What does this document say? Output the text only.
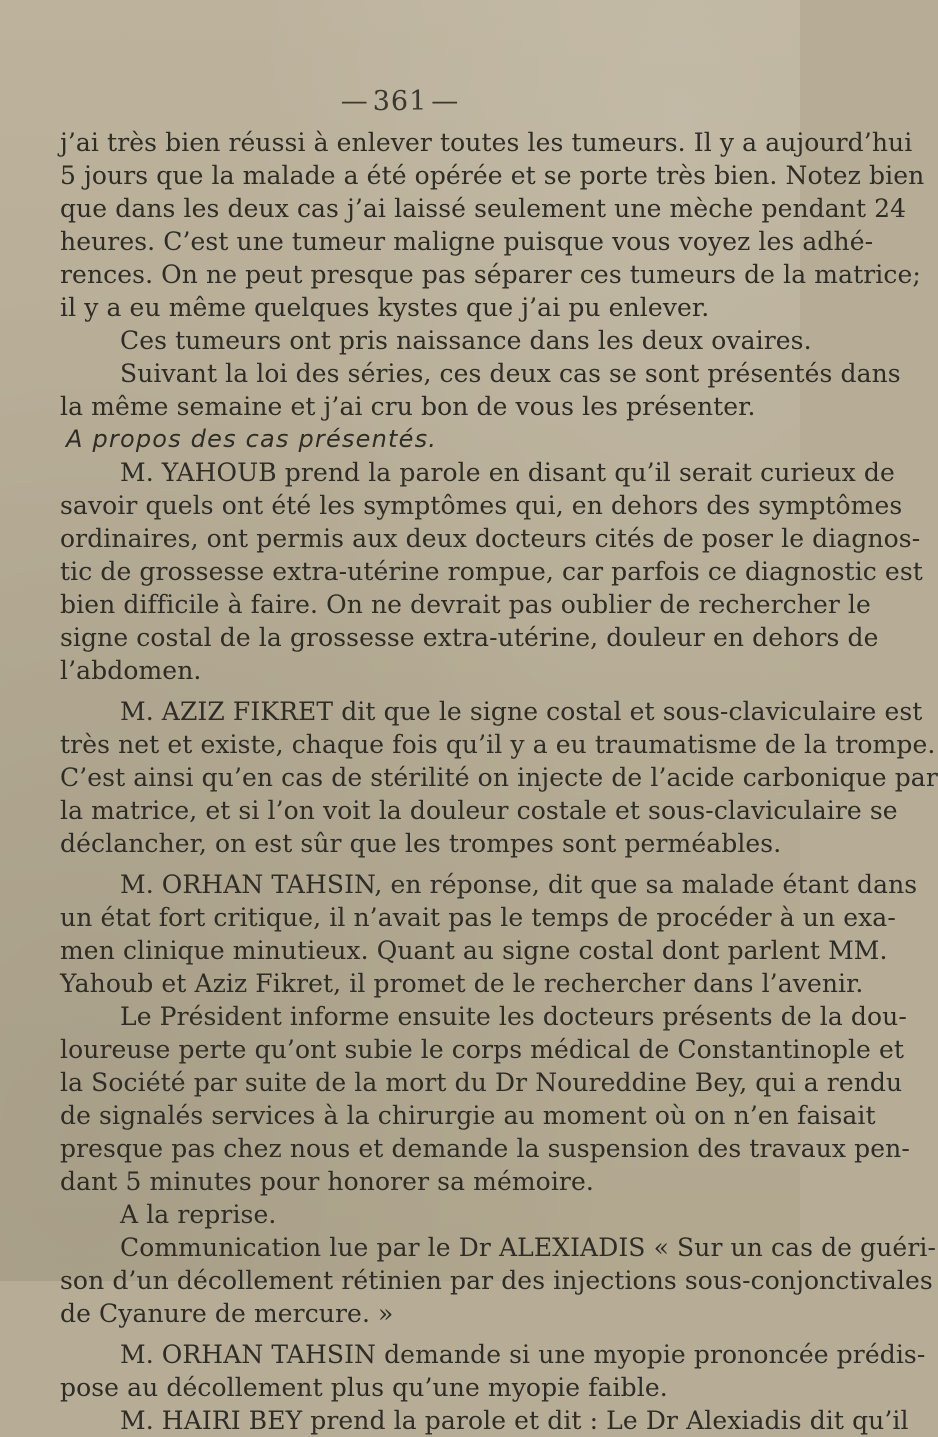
— 361 —
j’ai très bien réussi à enlever toutes les tumeurs. Il y a aujourd’hui
5 jours que la malade a été opérée et se porte très bien. Notez bien
que dans les deux cas j’ai laissé seulement une mèche pendant 24
heures. C’est une tumeur maligne puisque vous voyez les adhé-
rences. On ne peut presque pas séparer ces tumeurs de la matrice;
il y a eu même quelques kystes que j’ai pu enlever.
Ces tumeurs ont pris naissance dans les deux ovaires.
Suivant la loi des séries, ces deux cas se sont présentés dans
la même semaine et j’ai cru bon de vous les présenter.
A propos des cas présentés.
M. YAHOUB prend la parole en disant qu’il serait curieux de
savoir quels ont été les symptômes qui, en dehors des symptômes
ordinaires, ont permis aux deux docteurs cités de poser le diagnos-
tic de grossesse extra-utérine rompue, car parfois ce diagnostic est
bien difficile à faire. On ne devrait pas oublier de rechercher le
signe costal de la grossesse extra-utérine, douleur en dehors de
l’abdomen.
M. AZIZ FIKRET dit que le signe costal et sous-claviculaire est
très net et existe, chaque fois qu’il y a eu traumatisme de la trompe.
C’est ainsi qu’en cas de stérilité on injecte de l’acide carbonique par
la matrice, et si l’on voit la douleur costale et sous-claviculaire se
déclancher, on est sûr que les trompes sont perméables.
M. ORHAN TAHSIN, en réponse, dit que sa malade étant dans
un état fort critique, il n’avait pas le temps de procéder à un exa-
men clinique minutieux. Quant au signe costal dont parlent MM.
Yahoub et Aziz Fikret, il promet de le rechercher dans l’avenir.
Le Président informe ensuite les docteurs présents de la dou-
loureuse perte qu’ont subie le corps médical de Constantinople et
la Société par suite de la mort du Dr Noureddine Bey, qui a rendu
de signalés services à la chirurgie au moment où on n’en faisait
presque pas chez nous et demande la suspension des travaux pen-
dant 5 minutes pour honorer sa mémoire.
A la reprise.
Communication lue par le Dr ALEXIADIS « Sur un cas de guéri-
son d’un décollement rétinien par des injections sous-conjonctivales
de Cyanure de mercure. »
M. ORHAN TAHSIN demande si une myopie prononcée prédis-
pose au décollement plus qu’une myopie faible.
M. HAIRI BEY prend la parole et dit : Le Dr Alexiadis dit qu’il
